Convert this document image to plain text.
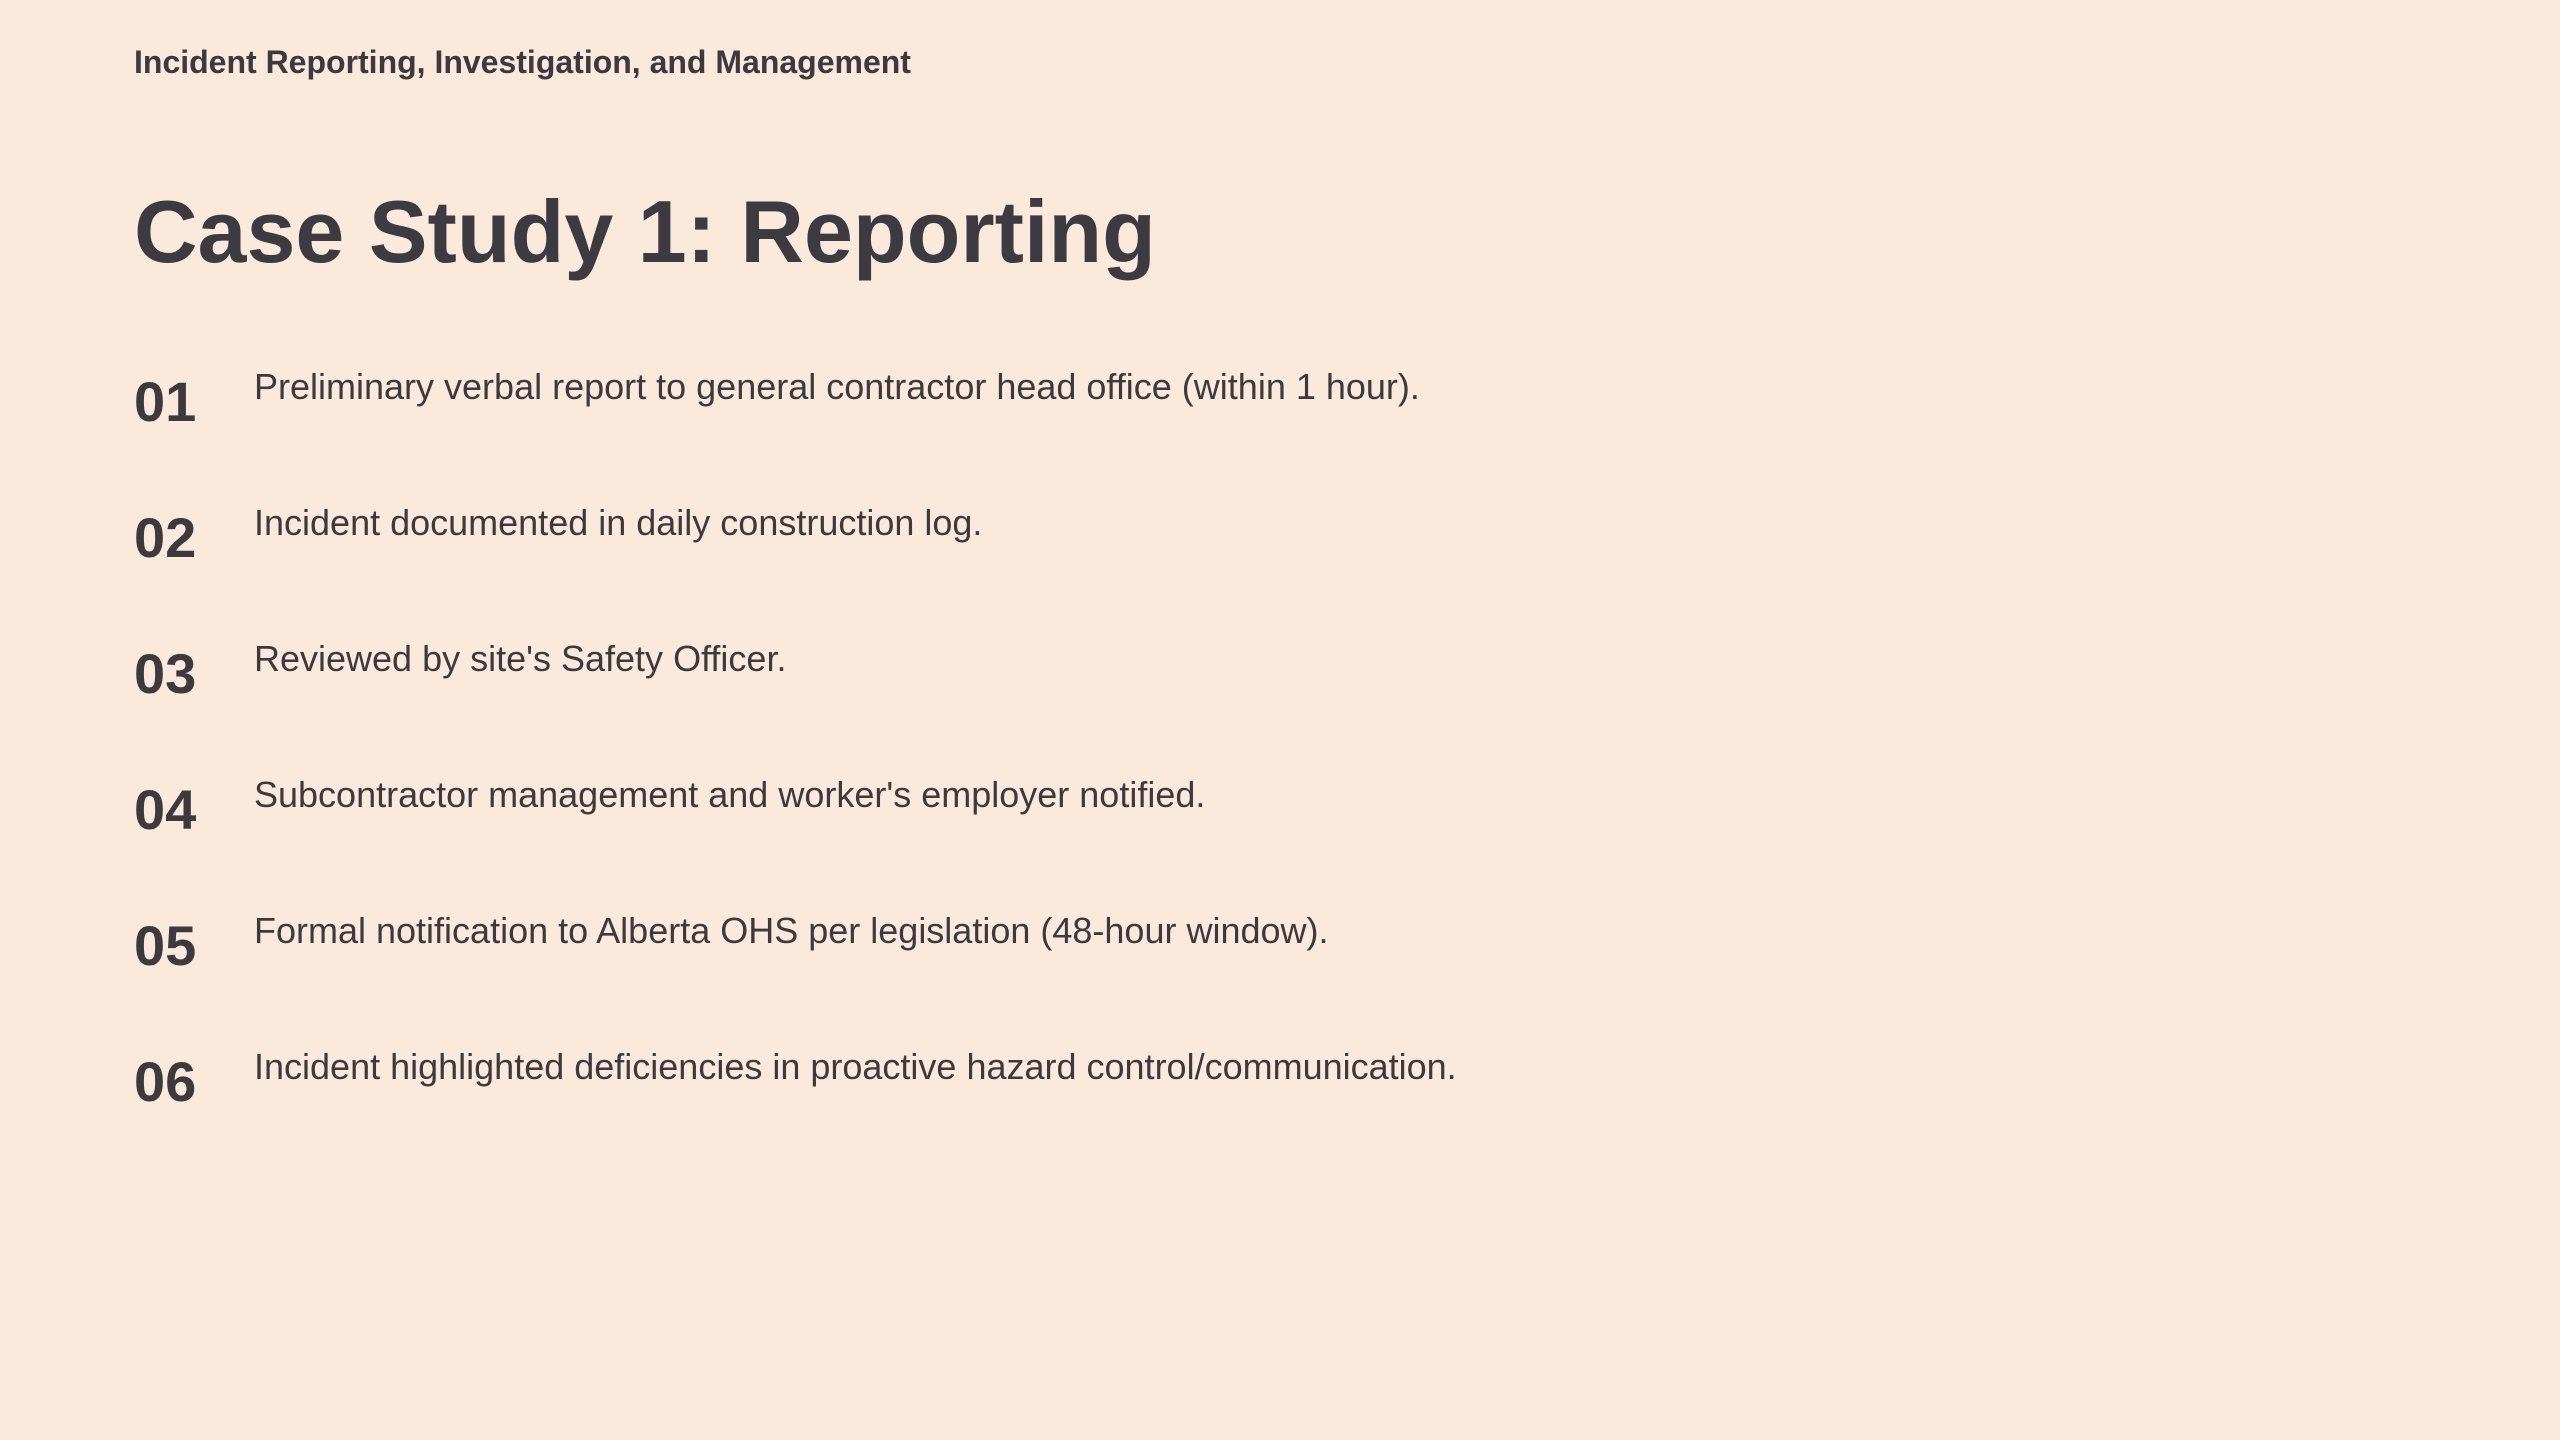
Incident Reporting, Investigation, and Management
Case Study 1: Reporting
01	Preliminary verbal report to general contractor head office (within 1 hour).
02	Incident documented in daily construction log.
03	Reviewed by site's Safety Officer.
04	Subcontractor management and worker's employer notified.
05	Formal notification to Alberta OHS per legislation (48-hour window).
06	Incident highlighted deficiencies in proactive hazard control/communication.
